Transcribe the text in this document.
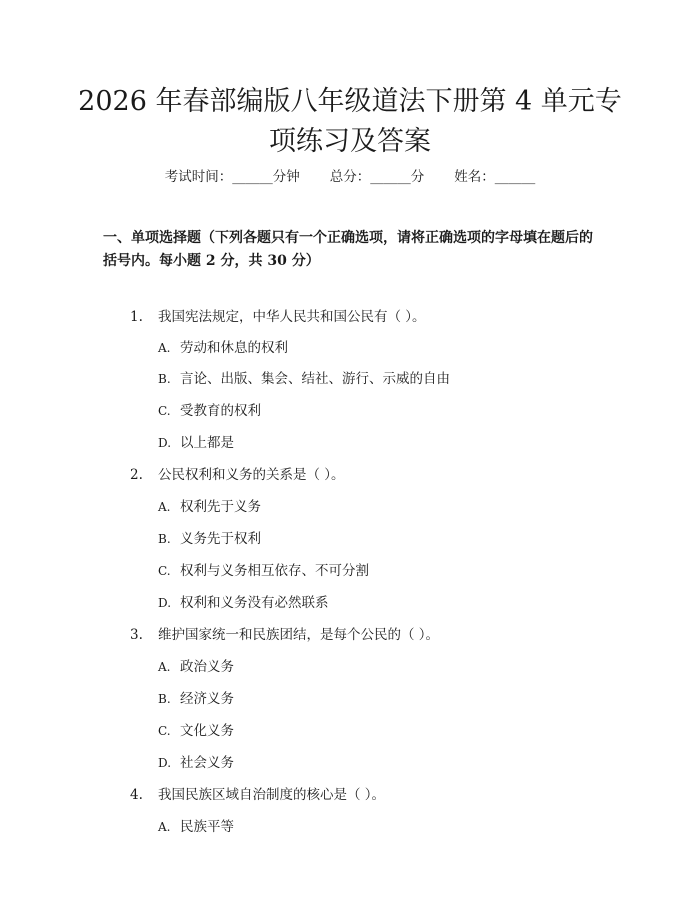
2026 年春部编版八年级道法下册第 4 单元专
项练习及答案
考试时间：______分钟 总分：______分 姓名：______

一、单项选择题（下列各题只有一个正确选项，请将正确选项的字母填在题后的括号内。每小题 2 分，共 30 分）

1. 我国宪法规定，中华人民共和国公民有（ ）。
A. 劳动和休息的权利
B. 言论、出版、集会、结社、游行、示威的自由
C. 受教育的权利
D. 以上都是
2. 公民权利和义务的关系是（ ）。
A. 权利先于义务
B. 义务先于权利
C. 权利与义务相互依存、不可分割
D. 权利和义务没有必然联系
3. 维护国家统一和民族团结，是每个公民的（ ）。
A. 政治义务
B. 经济义务
C. 文化义务
D. 社会义务
4. 我国民族区域自治制度的核心是（ ）。
A. 民族平等
